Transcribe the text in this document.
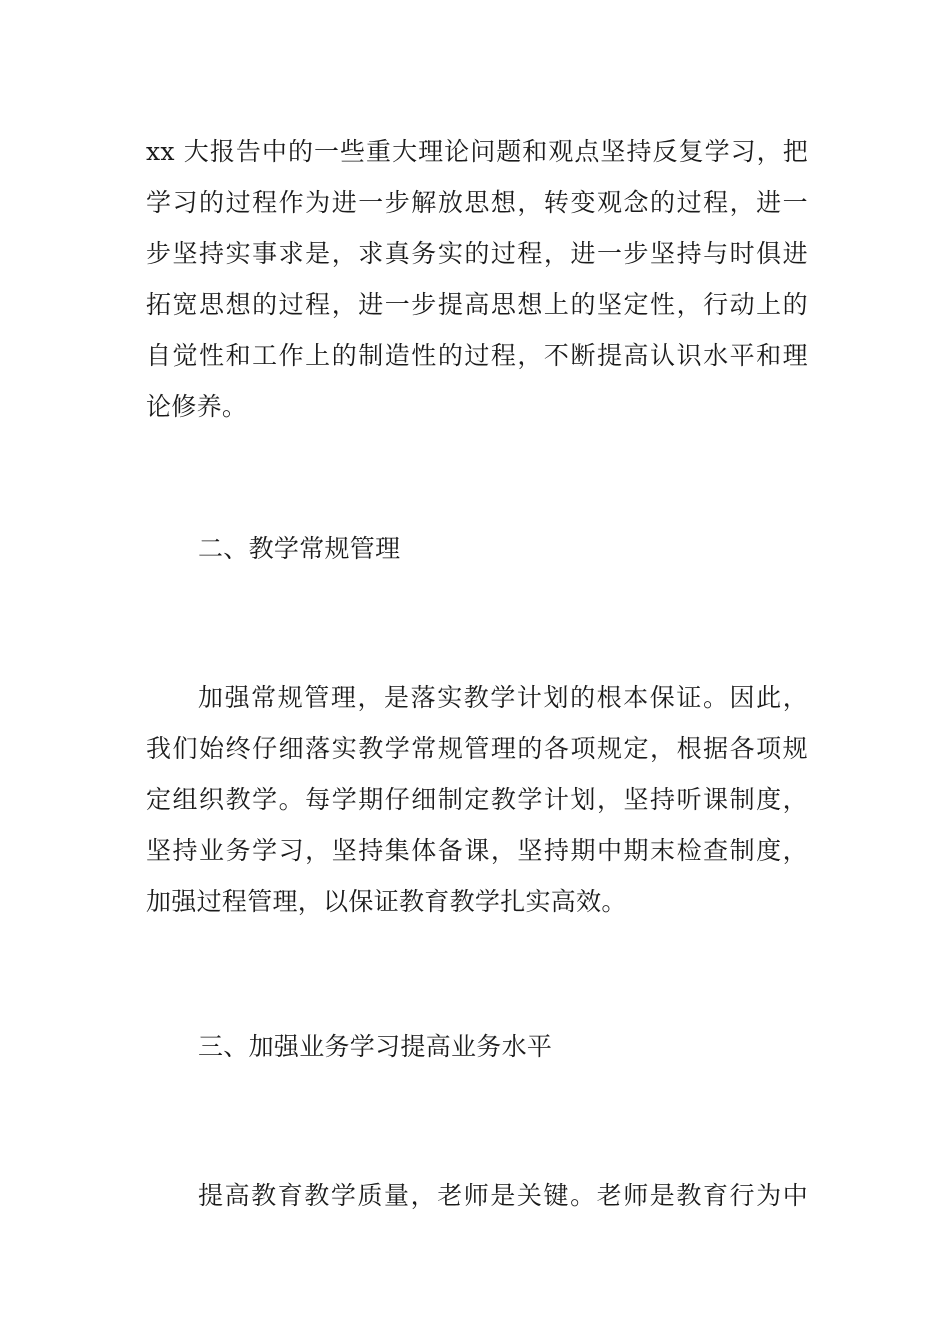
xx 大报告中的一些重大理论问题和观点坚持反复学习，把
学习的过程作为进一步解放思想，转变观念的过程，进一
步坚持实事求是，求真务实的过程，进一步坚持与时俱进
拓宽思想的过程，进一步提高思想上的坚定性，行动上的
自觉性和工作上的制造性的过程，不断提高认识水平和理
论修养。
二、教学常规管理
加强常规管理，是落实教学计划的根本保证。因此，
我们始终仔细落实教学常规管理的各项规定，根据各项规
定组织教学。每学期仔细制定教学计划，坚持听课制度，
坚持业务学习，坚持集体备课，坚持期中期末检查制度，
加强过程管理，以保证教育教学扎实高效。
三、加强业务学习提高业务水平
提高教育教学质量，老师是关键。老师是教育行为中
